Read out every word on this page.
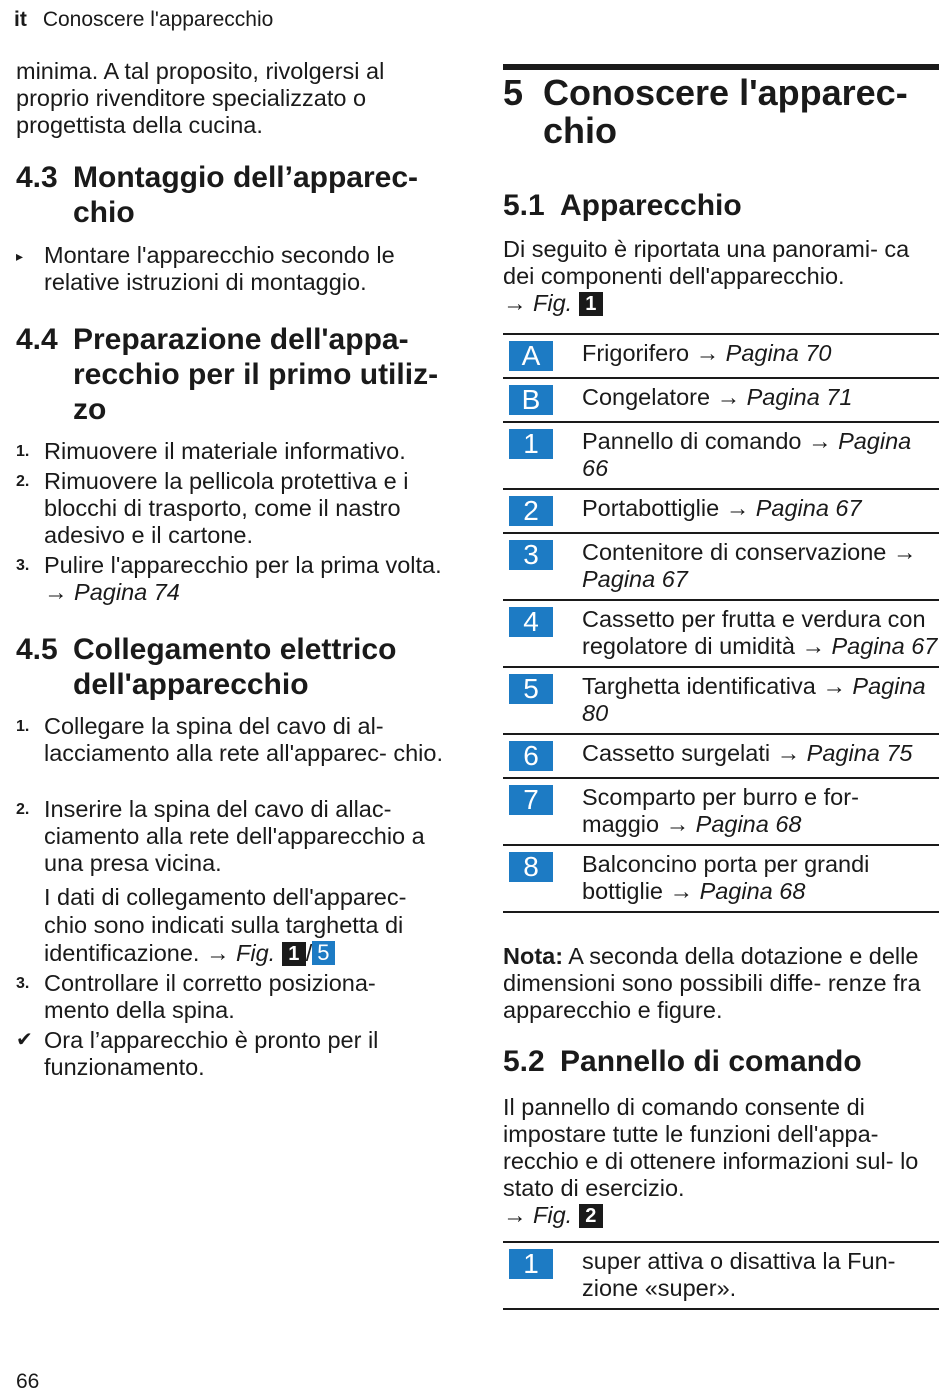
it Conoscere l'apparecchio
minima. A tal proposito, rivolgersi al proprio rivenditore specializzato o progettista della cucina.
4.3 Montaggio dell’apparec-
chio
▸ Montare l'apparecchio secondo le relative istruzioni di montaggio.
4.4 Preparazione dell'appa-
recchio per il primo utiliz-
zo
1. Rimuovere il materiale informativo.
2. Rimuovere la pellicola protettiva e i blocchi di trasporto, come il nastro adesivo e il cartone.
3. Pulire l'apparecchio per la prima volta. → Pagina 74
4.5 Collegamento elettrico
dell'apparecchio
1. Collegare la spina del cavo di al- lacciamento alla rete all'apparec- chio.
2. Inserire la spina del cavo di allac- ciamento alla rete dell'apparecchio a una presa vicina.
I dati di collegamento dell'apparec- chio sono indicati sulla targhetta di identificazione. → Fig. 1 / 5
3. Controllare il corretto posiziona- mento della spina.
✔ Ora l’apparecchio è pronto per il funzionamento.
5 Conoscere l'apparec-
chio
5.1 Apparecchio
Di seguito è riportata una panorami- ca dei componenti dell'apparecchio.
→ Fig. 1
A	Frigorifero → Pagina 70

B	Congelatore → Pagina 71

1	Pannello di comando → Pagina 66

2	Portabottiglie → Pagina 67

3	Contenitore di conservazione → Pagina 67

4	Cassetto per frutta e verdura con regolatore di umidità → Pagina 67

5	Targhetta identificativa → Pagina 80

6	Cassetto surgelati → Pagina 75

7	Scomparto per burro e for- maggio → Pagina 68

8	Balconcino porta per grandi bottiglie → Pagina 68
Nota: A seconda della dotazione e delle dimensioni sono possibili diffe- renze fra apparecchio e figure.
5.2 Pannello di comando
Il pannello di comando consente di impostare tutte le funzioni dell'appa- recchio e di ottenere informazioni sul- lo stato di esercizio.
→ Fig. 2
1	super attiva o disattiva la Fun- zione «super».
66
